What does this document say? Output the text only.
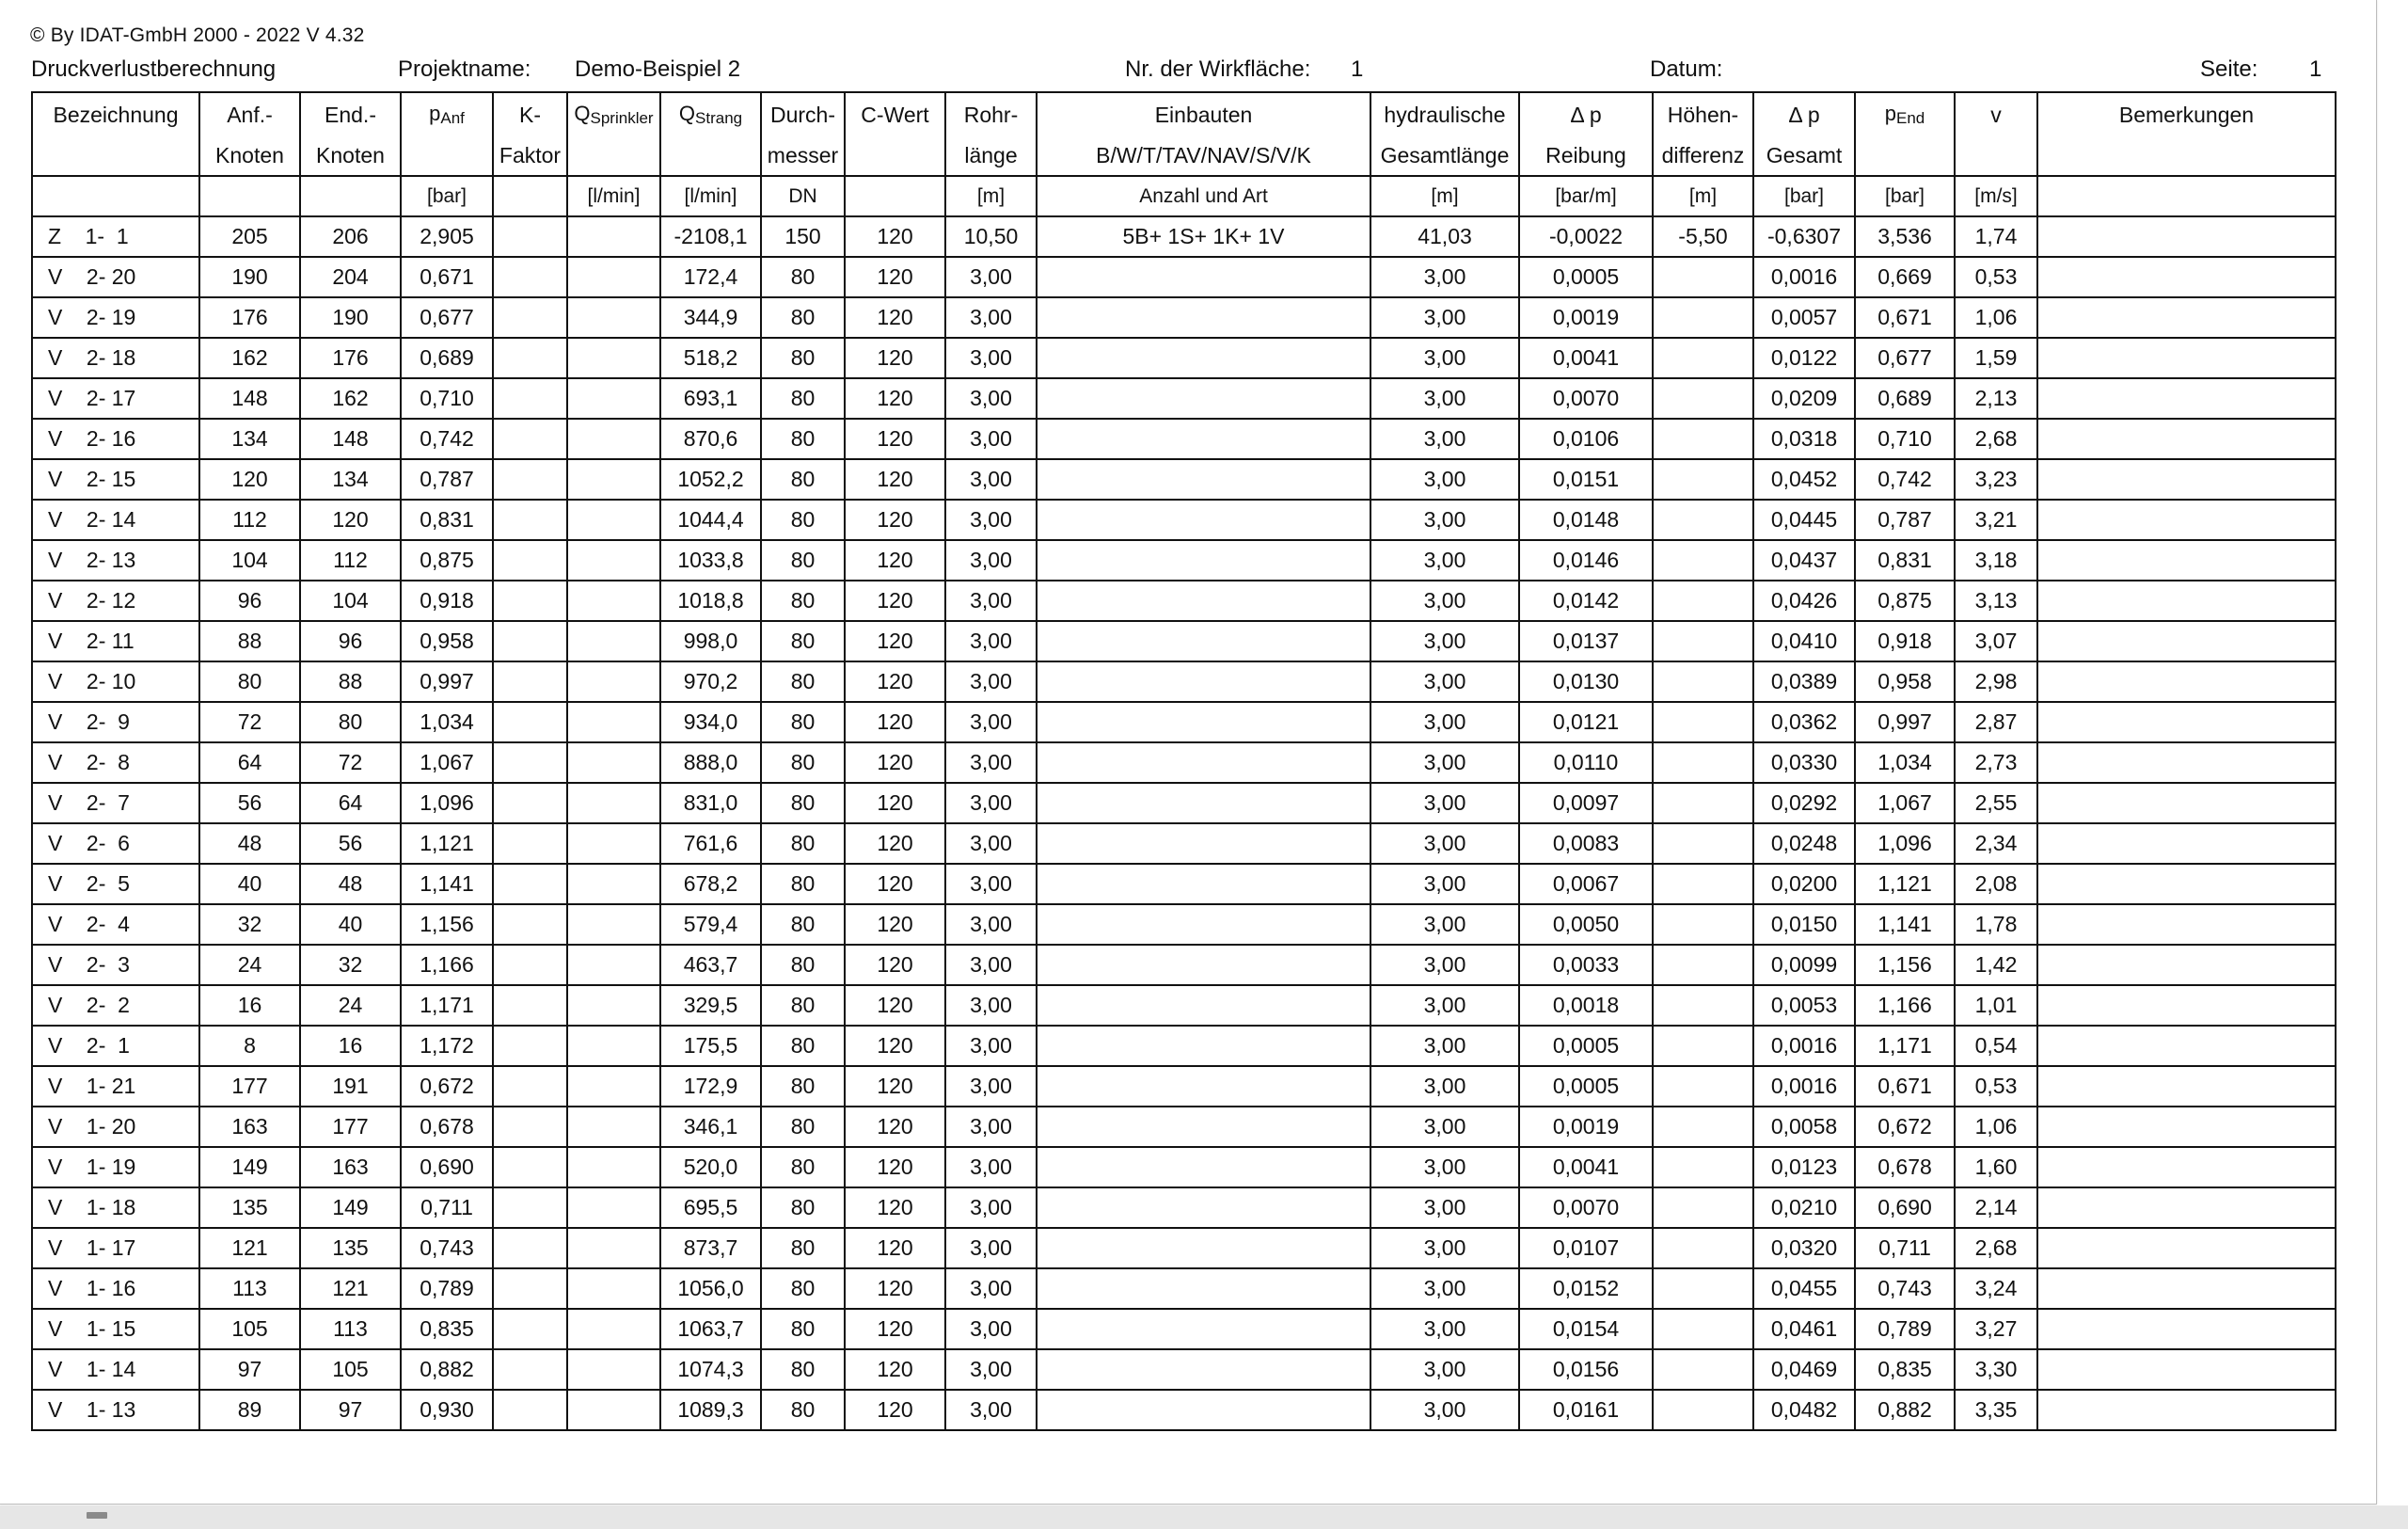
© By IDAT-GmbH 2000 - 2022 V 4.32
Druckverlustberechnung	Projektname: Demo-Beispiel 2	Nr. der Wirkfläche: 1	Datum:	Seite: 1
Bezeichnung	Anf.-	End.-	pAnf	K-	QSprinkler	QStrang	Durch-	C-Wert	Rohr-	Einbauten	hydraulische	Δ p	Höhen-	Δ p	pEnd	v	Bemerkungen
	Knoten	Knoten		Faktor			messer		länge	B/W/T/TAV/NAV/S/V/K	Gesamtlänge	Reibung	differenz	Gesamt			
			[bar]		[l/min]	[l/min]	DN		[m]	Anzahl und Art	[m]	[bar/m]	[m]	[bar]	[bar]	[m/s]	
Z    1-  1	205	206	2,905			-2108,1	150	120	10,50	5B+ 1S+ 1K+ 1V	41,03	-0,0022	-5,50	-0,6307	3,536	1,74	
V    2- 20	190	204	0,671			172,4	80	120	3,00		3,00	0,0005		0,0016	0,669	0,53	
V    2- 19	176	190	0,677			344,9	80	120	3,00		3,00	0,0019		0,0057	0,671	1,06	
V    2- 18	162	176	0,689			518,2	80	120	3,00		3,00	0,0041		0,0122	0,677	1,59	
V    2- 17	148	162	0,710			693,1	80	120	3,00		3,00	0,0070		0,0209	0,689	2,13	
V    2- 16	134	148	0,742			870,6	80	120	3,00		3,00	0,0106		0,0318	0,710	2,68	
V    2- 15	120	134	0,787			1052,2	80	120	3,00		3,00	0,0151		0,0452	0,742	3,23	
V    2- 14	112	120	0,831			1044,4	80	120	3,00		3,00	0,0148		0,0445	0,787	3,21	
V    2- 13	104	112	0,875			1033,8	80	120	3,00		3,00	0,0146		0,0437	0,831	3,18	
V    2- 12	96	104	0,918			1018,8	80	120	3,00		3,00	0,0142		0,0426	0,875	3,13	
V    2- 11	88	96	0,958			998,0	80	120	3,00		3,00	0,0137		0,0410	0,918	3,07	
V    2- 10	80	88	0,997			970,2	80	120	3,00		3,00	0,0130		0,0389	0,958	2,98	
V    2-  9	72	80	1,034			934,0	80	120	3,00		3,00	0,0121		0,0362	0,997	2,87	
V    2-  8	64	72	1,067			888,0	80	120	3,00		3,00	0,0110		0,0330	1,034	2,73	
V    2-  7	56	64	1,096			831,0	80	120	3,00		3,00	0,0097		0,0292	1,067	2,55	
V    2-  6	48	56	1,121			761,6	80	120	3,00		3,00	0,0083		0,0248	1,096	2,34	
V    2-  5	40	48	1,141			678,2	80	120	3,00		3,00	0,0067		0,0200	1,121	2,08	
V    2-  4	32	40	1,156			579,4	80	120	3,00		3,00	0,0050		0,0150	1,141	1,78	
V    2-  3	24	32	1,166			463,7	80	120	3,00		3,00	0,0033		0,0099	1,156	1,42	
V    2-  2	16	24	1,171			329,5	80	120	3,00		3,00	0,0018		0,0053	1,166	1,01	
V    2-  1	8	16	1,172			175,5	80	120	3,00		3,00	0,0005		0,0016	1,171	0,54	
V    1- 21	177	191	0,672			172,9	80	120	3,00		3,00	0,0005		0,0016	0,671	0,53	
V    1- 20	163	177	0,678			346,1	80	120	3,00		3,00	0,0019		0,0058	0,672	1,06	
V    1- 19	149	163	0,690			520,0	80	120	3,00		3,00	0,0041		0,0123	0,678	1,60	
V    1- 18	135	149	0,711			695,5	80	120	3,00		3,00	0,0070		0,0210	0,690	2,14	
V    1- 17	121	135	0,743			873,7	80	120	3,00		3,00	0,0107		0,0320	0,711	2,68	
V    1- 16	113	121	0,789			1056,0	80	120	3,00		3,00	0,0152		0,0455	0,743	3,24	
V    1- 15	105	113	0,835			1063,7	80	120	3,00		3,00	0,0154		0,0461	0,789	3,27	
V    1- 14	97	105	0,882			1074,3	80	120	3,00		3,00	0,0156		0,0469	0,835	3,30	
V    1- 13	89	97	0,930			1089,3	80	120	3,00		3,00	0,0161		0,0482	0,882	3,35	
